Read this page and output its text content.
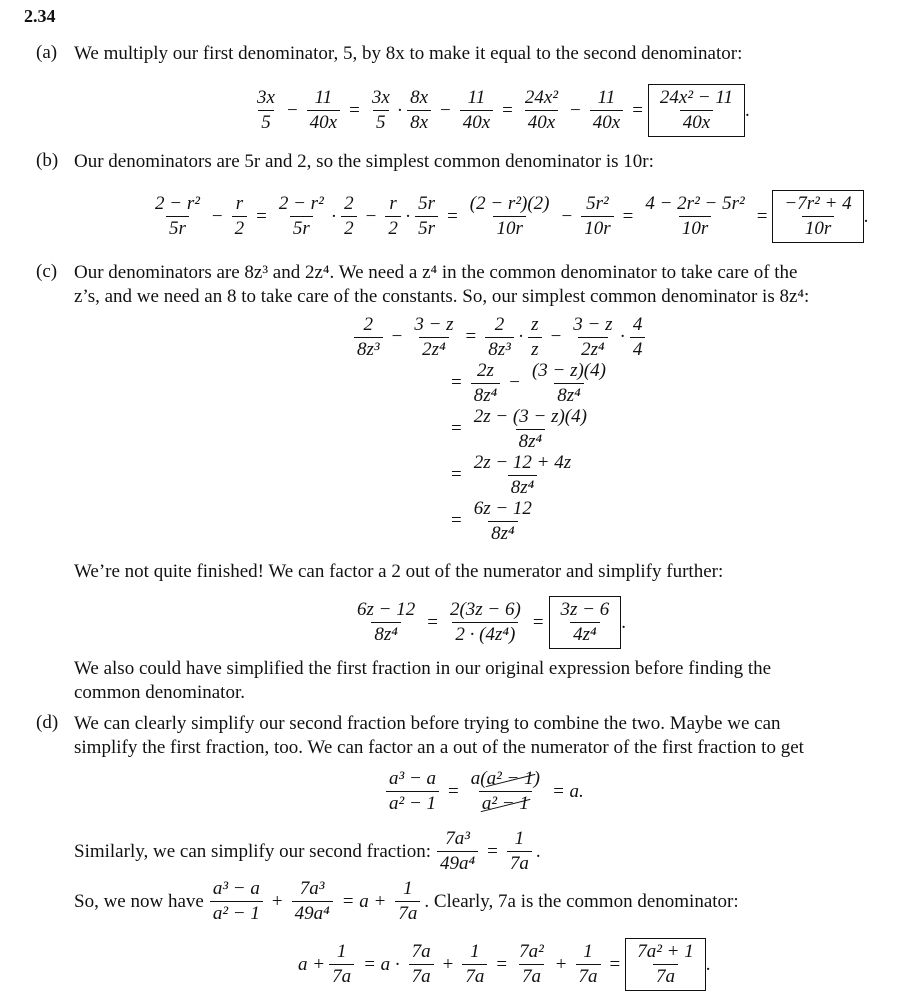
2.34
(a) We multiply our first denominator, 5, by 8x to make it equal to the second denominator:
3x
5
− $\frac{11}{40x} = \frac{3x}{5}$ ·
8x
8x
− $\frac{11}{40x} = \frac{\text{24x²}}{40x} - \frac{11}{40x}$ =
24x² − 11
40x
.
(b) Our denominators are 5r and 2, so the simplest common denominator is 10r:
2 − r²
5r
− $\frac{r}{2} = \frac{\text{2 − r²}}{5r}$ ·
2
2
− $\frac{r}{2} \cdot \frac{5r}{5r} = \frac{\text{(2 − r²)(2)}}{10r} - \frac{\text{5r²}}{10r} = \frac{\text{4 − 2r² − 5r²}}{10r}$ =
−7r² + 4
10r
.
(c) Our denominators are 8z³ and 2z⁴. We need a z⁴ in the common denominator to take care of the
z’s, and we need an 8 to take care of the constants. So, our simplest common denominator is 8z⁴:
2
8z³
− $\frac{3 - z}{\text{2z⁴}} = \frac{2}{\text{8z³}}$ ·
z
z
− $\frac{3 - z}{\text{2z⁴}}$ ·
4
4
= $\frac{2z}{\text{8z⁴}} - \frac{(3 - z)(4)}{\text{8z⁴}}$
= $\frac{2z - (3 - z)(4)}{\text{8z⁴}}$
= $\frac{2z - 12 + 4z}{\text{8z⁴}}$
= $\frac{6z - 12}{\text{8z⁴}}$
We’re not quite finished! We can factor a 2 out of the numerator and simplify further:
$\frac{6z - 12}{\text{8z⁴}} = \frac{2(3z - 6)}{\text{2 · (4z⁴)}}$ =
3z − 6
4z⁴
.
We also could have simplified the first fraction in our original expression before finding the
common denominator.
(d) We can clearly simplify our second fraction before trying to combine the two. Maybe we can
simplify the first fraction, too. We can factor an a out of the numerator of the first fraction to get
$\frac{\text{a³ − a}}{\text{a² − 1}} = \frac{\text{a(a² − 1)}}{\text{a² − 1}} = a$.
Similarly, we can simplify our second fraction: $\frac{\text{7a³}}{\text{49a⁴}} = \frac{1}{7a}$ .
So, we now have
a³ − a
a² − 1
+ $\frac{\text{7a³}}{\text{49a⁴}} = a + \frac{1}{7a}$ . Clearly, 7a is the common denominator:
$a + \frac{1}{7a} = a$ ·
7a
7a
+ $\frac{1}{7a} = \frac{\text{7a²}}{7a} + \frac{1}{7a}$ =
7a² + 1
7a
.
